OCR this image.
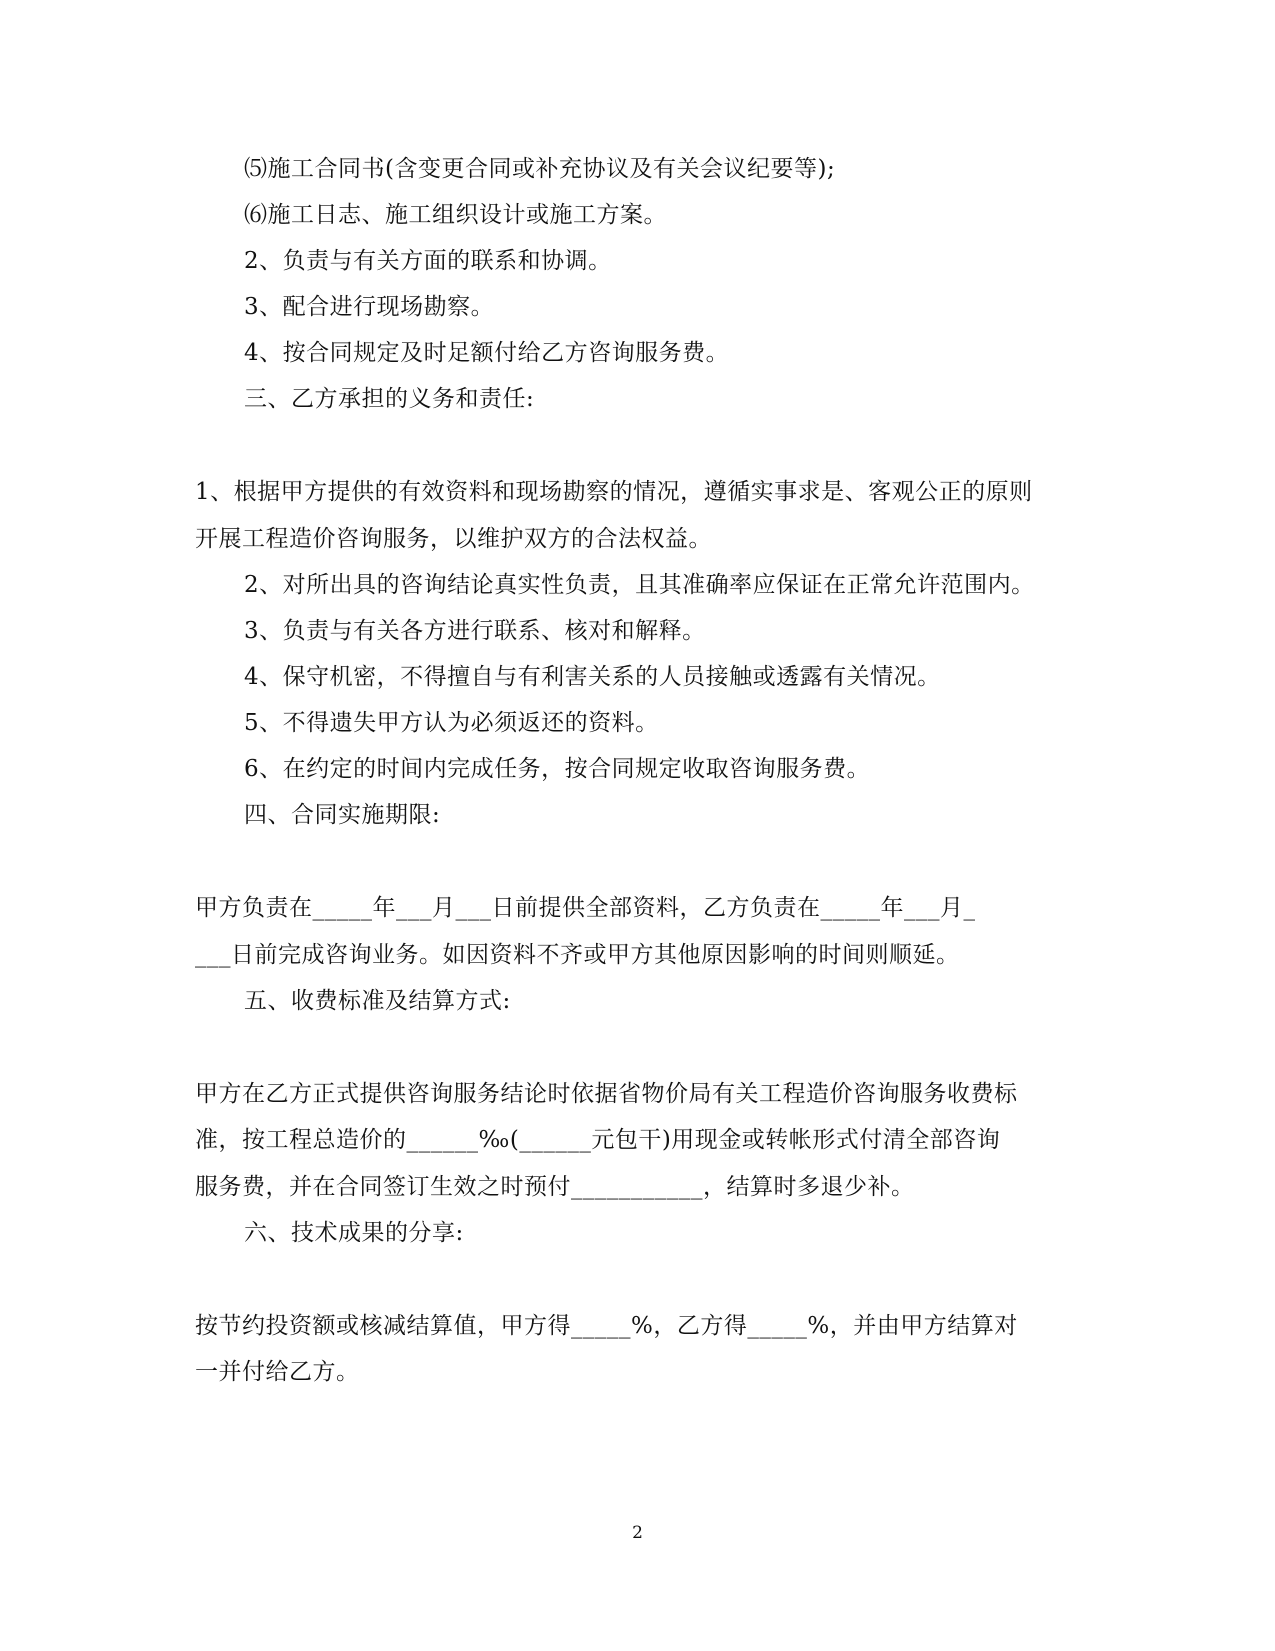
⑸施工合同书(含变更合同或补充协议及有关会议纪要等);
⑹施工日志、施工组织设计或施工方案。
2、负责与有关方面的联系和协调。
3、配合进行现场勘察。
4、按合同规定及时足额付给乙方咨询服务费。
三、乙方承担的义务和责任:
1、根据甲方提供的有效资料和现场勘察的情况，遵循实事求是、客观公正的原则
开展工程造价咨询服务，以维护双方的合法权益。
2、对所出具的咨询结论真实性负责，且其准确率应保证在正常允许范围内。
3、负责与有关各方进行联系、核对和解释。
4、保守机密，不得擅自与有利害关系的人员接触或透露有关情况。
5、不得遗失甲方认为必须返还的资料。
6、在约定的时间内完成任务，按合同规定收取咨询服务费。
四、合同实施期限:
甲方负责在_____年___月___日前提供全部资料，乙方负责在_____年___月_
___日前完成咨询业务。如因资料不齐或甲方其他原因影响的时间则顺延。
五、收费标准及结算方式:
甲方在乙方正式提供咨询服务结论时依据省物价局有关工程造价咨询服务收费标
准，按工程总造价的______‰(______元包干)用现金或转帐形式付清全部咨询
服务费，并在合同签订生效之时预付___________，结算时多退少补。
六、技术成果的分享:
按节约投资额或核减结算值，甲方得_____%，乙方得_____%，并由甲方结算对
一并付给乙方。
2
